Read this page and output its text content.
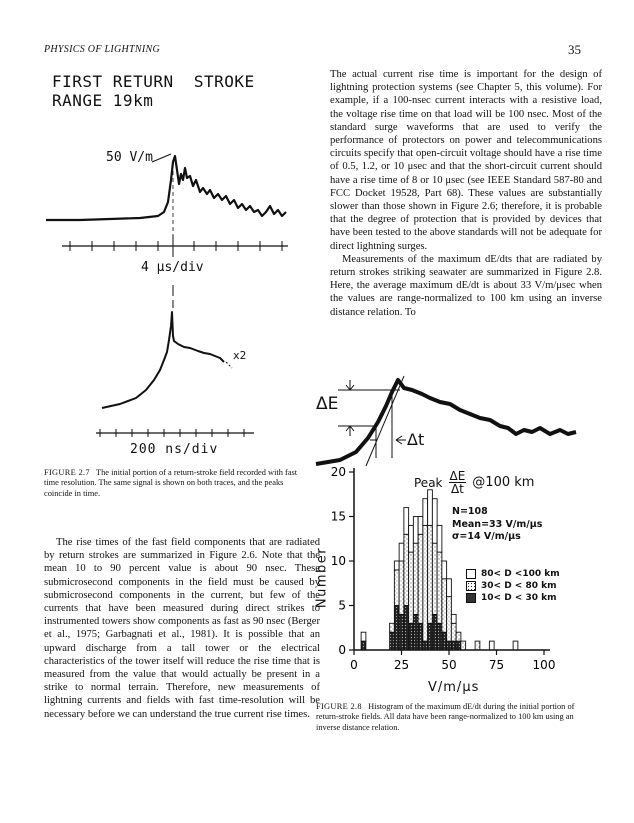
PHYSICS OF LIGHTNING	35
FIRST RETURN  STROKE
RANGE 19km
50 V/m
4 μs/div
x2
200 ns/div
FIGURE 2.7 The initial portion of a return-stroke field recorded with fast time resolution. The same signal is shown on both traces, and the peaks coincide in time.

The actual current rise time is important for the design of lightning protection systems (see Chapter 5, this volume). For example, if a 100-nsec current interacts with a resistive load, the voltage rise time on that load will be 100 nsec. Most of the standard surge waveforms that are used to verify the performance of protectors on power and telecommunications circuits specify that open-circuit voltage should have a rise time of 0.5, 1.2, or 10 μsec and that the short-circuit current should have a rise time of 8 or 10 μsec (see IEEE Standard 587-80 and FCC Docket 19528, Part 68). These values are substantially slower than those shown in Figure 2.6; therefore, it is probable that the degree of protection that is provided by devices that have been tested to the above standards will not be adequate for direct lightning surges.

Measurements of the maximum dE/dts that are radiated by return strokes striking seawater are summarized in Figure 2.8. Here, the average maximum dE/dt is about 33 V/m/μsec when the values are range-normalized to 100 km using an inverse distance relation. To

ΔE
Δt
0
5
10
15
20
0	25	50	75 100
Peak $\frac{\Delta E}{\Delta t}$ @100 km
N=108
Mean=33 V/m/μs
σ=14 V/m/μs
80< D <100 km
30< D < 80 km
10< D < 30 km
Number
V/m/μs
FIGURE 2.8 Histogram of the maximum dE/dt during the initial portion of return-stroke fields. All data have been range-normalized to 100 km using an inverse distance relation.

The rise times of the fast field components that are radiated by return strokes are summarized in Figure 2.6. Note that the mean 10 to 90 percent value is about 90 nsec. These submicrosecond components in the field must be caused by submicrosecond components in the current, but few of the currents that have been measured during direct strikes to instrumented towers show components as fast as 90 nsec (Berger et al., 1975; Garbagnati et al., 1981). It is possible that an upward discharge from a tall tower or the electrical characteristics of the tower itself will reduce the rise time that is measured from the value that would actually be present in a strike to normal terrain. Therefore, new measurements of lightning currents and fields with fast time-resolution will be necessary before we can understand the true current rise times.
